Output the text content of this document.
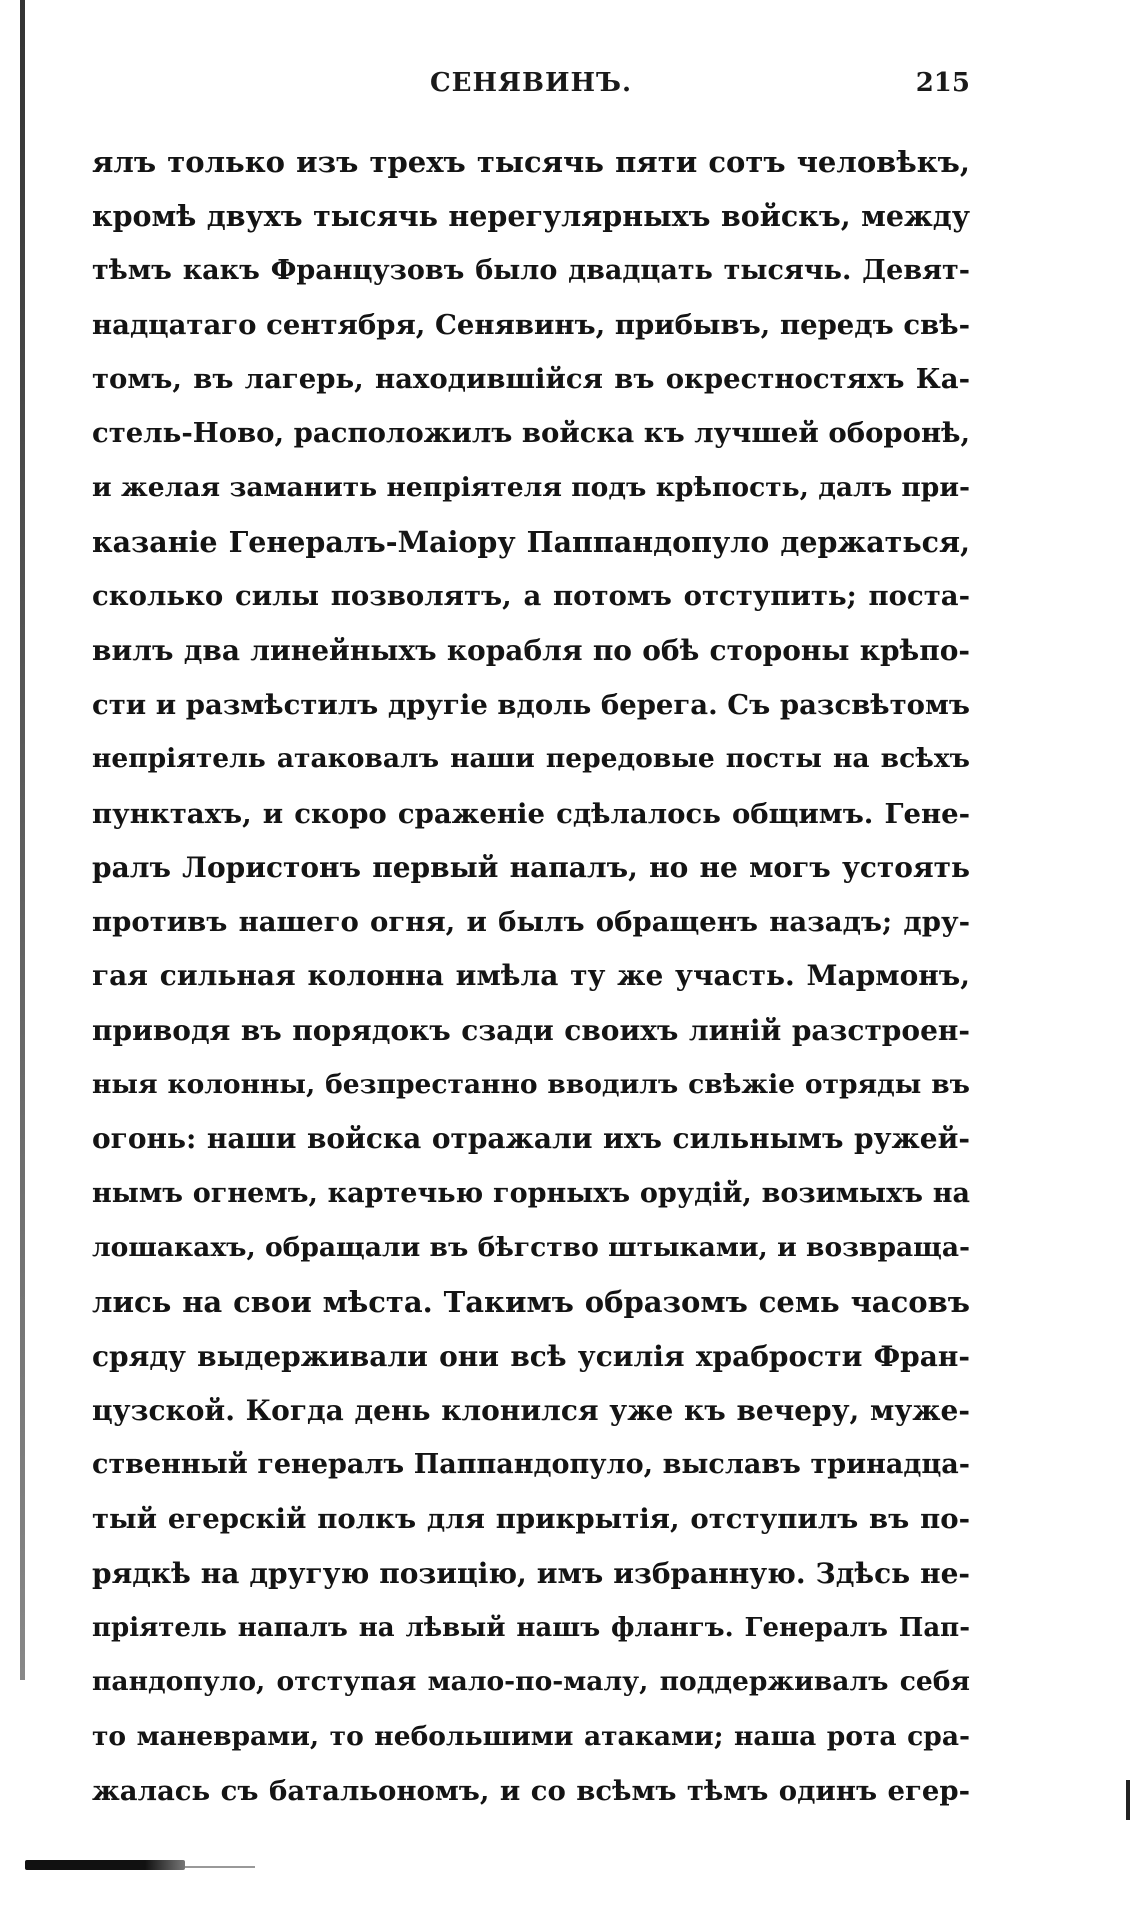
СЕНЯВИНЪ.	215
ялъ только изъ трехъ тысячь пяти сотъ человѣкъ,
кромѣ двухъ тысячь нерегулярныхъ войскъ, между
тѣмъ какъ Французовъ было двадцать тысячь. Девят-
надцатаго сентября, Сенявинъ, прибывъ, передъ свѣ-
томъ, въ лагерь, находившійся въ окрестностяхъ Ка-
стель-Ново, расположилъ войска къ лучшей оборонѣ,
и желая заманить непріятеля подъ крѣпость, далъ при-
казаніе Генералъ-Маіору Паппандопуло держаться,
сколько силы позволятъ, а потомъ отступить; поста-
вилъ два линейныхъ корабля по обѣ стороны крѣпо-
сти и размѣстилъ другіе вдоль берега. Съ разсвѣтомъ
непріятель атаковалъ наши передовые посты на всѣхъ
пунктахъ, и скоро сраженіе сдѣлалось общимъ. Гене-
ралъ Лористонъ первый напалъ, но не могъ устоять
противъ нашего огня, и былъ обращенъ назадъ; дру-
гая сильная колонна имѣла ту же участь. Мармонъ,
приводя въ порядокъ сзади своихъ линій разстроен-
ныя колонны, безпрестанно вводилъ свѣжіе отряды въ
огонь: наши войска отражали ихъ сильнымъ ружей-
нымъ огнемъ, картечью горныхъ орудій, возимыхъ на
лошакахъ, обращали въ бѣгство штыками, и возвраща-
лись на свои мѣста. Такимъ образомъ семь часовъ
сряду выдерживали они всѣ усилія храбрости Фран-
цузской. Когда день клонился уже къ вечеру, муже-
ственный генералъ Паппандопуло, выславъ тринадца-
тый егерскій полкъ для прикрытія, отступилъ въ по-
рядкѣ на другую позицію, имъ избранную. Здѣсь не-
пріятель напалъ на лѣвый нашъ флангъ. Генералъ Пап-
пандопуло, отступая мало-по-малу, поддерживалъ себя
то маневрами, то небольшими атаками; наша рота сра-
жалась съ батальономъ, и со всѣмъ тѣмъ одинъ егер-
